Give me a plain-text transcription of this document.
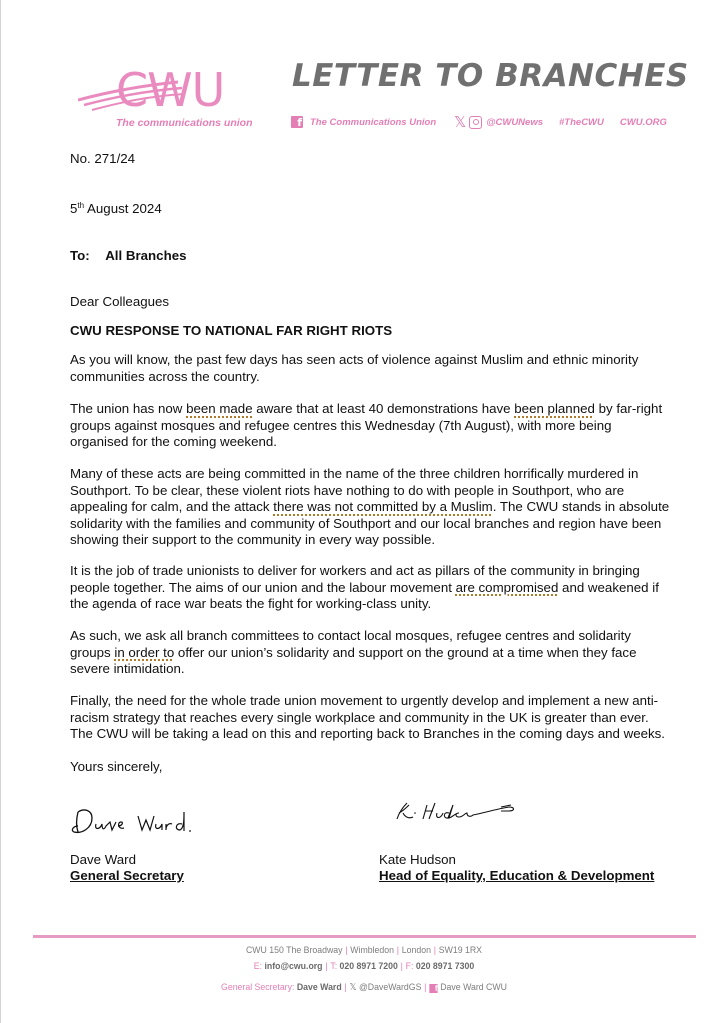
CWU
The communications union
LETTER TO BRANCHES
f The Communications Union 𝕏 @CWUNews #TheCWU CWU.ORG
No. 271/24
5th August 2024
To: All Branches
Dear Colleagues
CWU RESPONSE TO NATIONAL FAR RIGHT RIOTS
As you will know, the past few days has seen acts of violence against Muslim and ethnic minority communities across the country.
The union has now been made aware that at least 40 demonstrations have been planned by far-right groups against mosques and refugee centres this Wednesday (7th August), with more being organised for the coming weekend.
Many of these acts are being committed in the name of the three children horrifically murdered in Southport. To be clear, these violent riots have nothing to do with people in Southport, who are appealing for calm, and the attack there was not committed by a Muslim. The CWU stands in absolute solidarity with the families and community of Southport and our local branches and region have been showing their support to the community in every way possible.
It is the job of trade unionists to deliver for workers and act as pillars of the community in bringing people together. The aims of our union and the labour movement are compromised and weakened if the agenda of race war beats the fight for working-class unity.
As such, we ask all branch committees to contact local mosques, refugee centres and solidarity groups in order to offer our union’s solidarity and support on the ground at a time when they face severe intimidation.
Finally, the need for the whole trade union movement to urgently develop and implement a new anti-racism strategy that reaches every single workplace and community in the UK is greater than ever. The CWU will be taking a lead on this and reporting back to Branches in the coming days and weeks.
Yours sincerely,
Dave Ward
General Secretary
Kate Hudson
Head of Equality, Education & Development
CWU 150 The Broadway | Wimbledon | London | SW19 1RX
E: info@cwu.org | T: 020 8971 7200 | F: 020 8971 7300
General Secretary: Dave Ward | 𝕏 @DaveWardGS | f Dave Ward CWU
